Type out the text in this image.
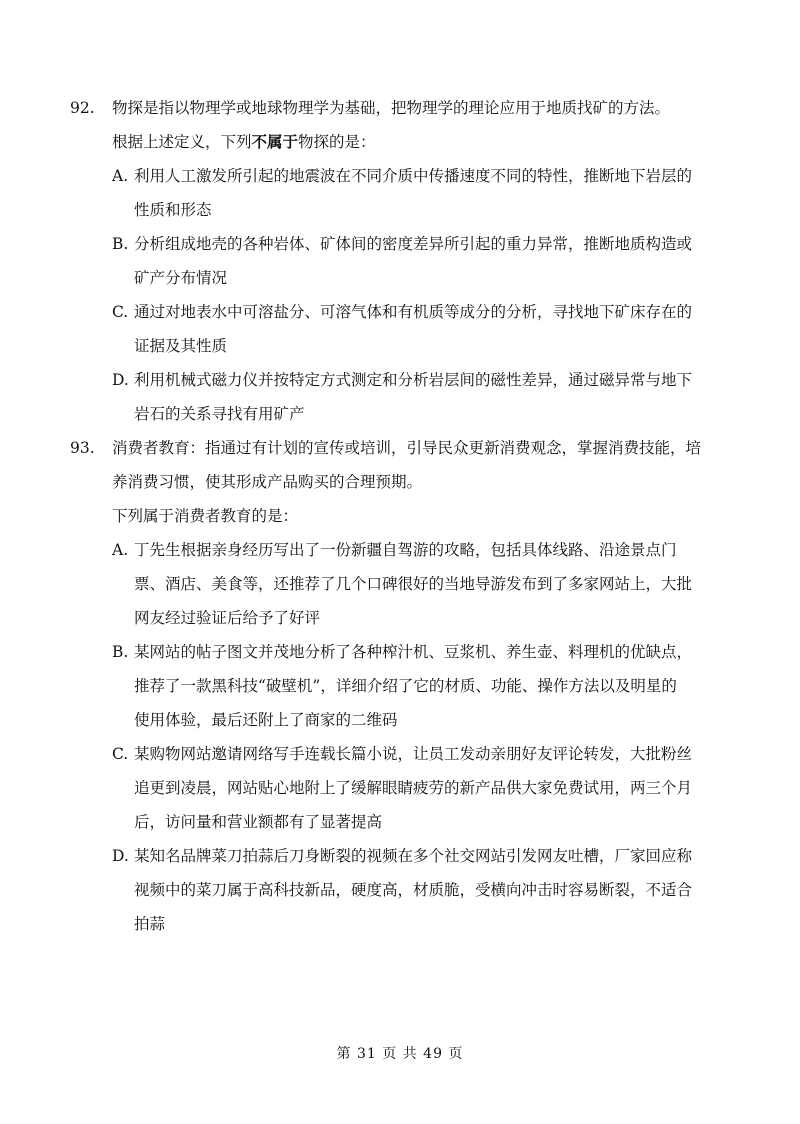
92. 物探是指以物理学或地球物理学为基础，把物理学的理论应用于地质找矿的方法。
根据上述定义，下列不属于物探的是：
A. 利用人工激发所引起的地震波在不同介质中传播速度不同的特性，推断地下岩层的
性质和形态
B. 分析组成地壳的各种岩体、矿体间的密度差异所引起的重力异常，推断地质构造或
矿产分布情况
C. 通过对地表水中可溶盐分、可溶气体和有机质等成分的分析，寻找地下矿床存在的
证据及其性质
D. 利用机械式磁力仪并按特定方式测定和分析岩层间的磁性差异，通过磁异常与地下
岩石的关系寻找有用矿产
93. 消费者教育：指通过有计划的宣传或培训，引导民众更新消费观念，掌握消费技能，培
养消费习惯，使其形成产品购买的合理预期。
下列属于消费者教育的是：
A. 丁先生根据亲身经历写出了一份新疆自驾游的攻略，包括具体线路、沿途景点门
票、酒店、美食等，还推荐了几个口碑很好的当地导游发布到了多家网站上，大批
网友经过验证后给予了好评
B. 某网站的帖子图文并茂地分析了各种榨汁机、豆浆机、养生壶、料理机的优缺点，
推荐了一款黑科技“破壁机”，详细介绍了它的材质、功能、操作方法以及明星的
使用体验，最后还附上了商家的二维码
C. 某购物网站邀请网络写手连载长篇小说，让员工发动亲朋好友评论转发，大批粉丝
追更到凌晨，网站贴心地附上了缓解眼睛疲劳的新产品供大家免费试用，两三个月
后，访问量和营业额都有了显著提高
D. 某知名品牌菜刀拍蒜后刀身断裂的视频在多个社交网站引发网友吐槽，厂家回应称
视频中的菜刀属于高科技新品，硬度高，材质脆，受横向冲击时容易断裂，不适合
拍蒜
第 31 页 共 49 页
